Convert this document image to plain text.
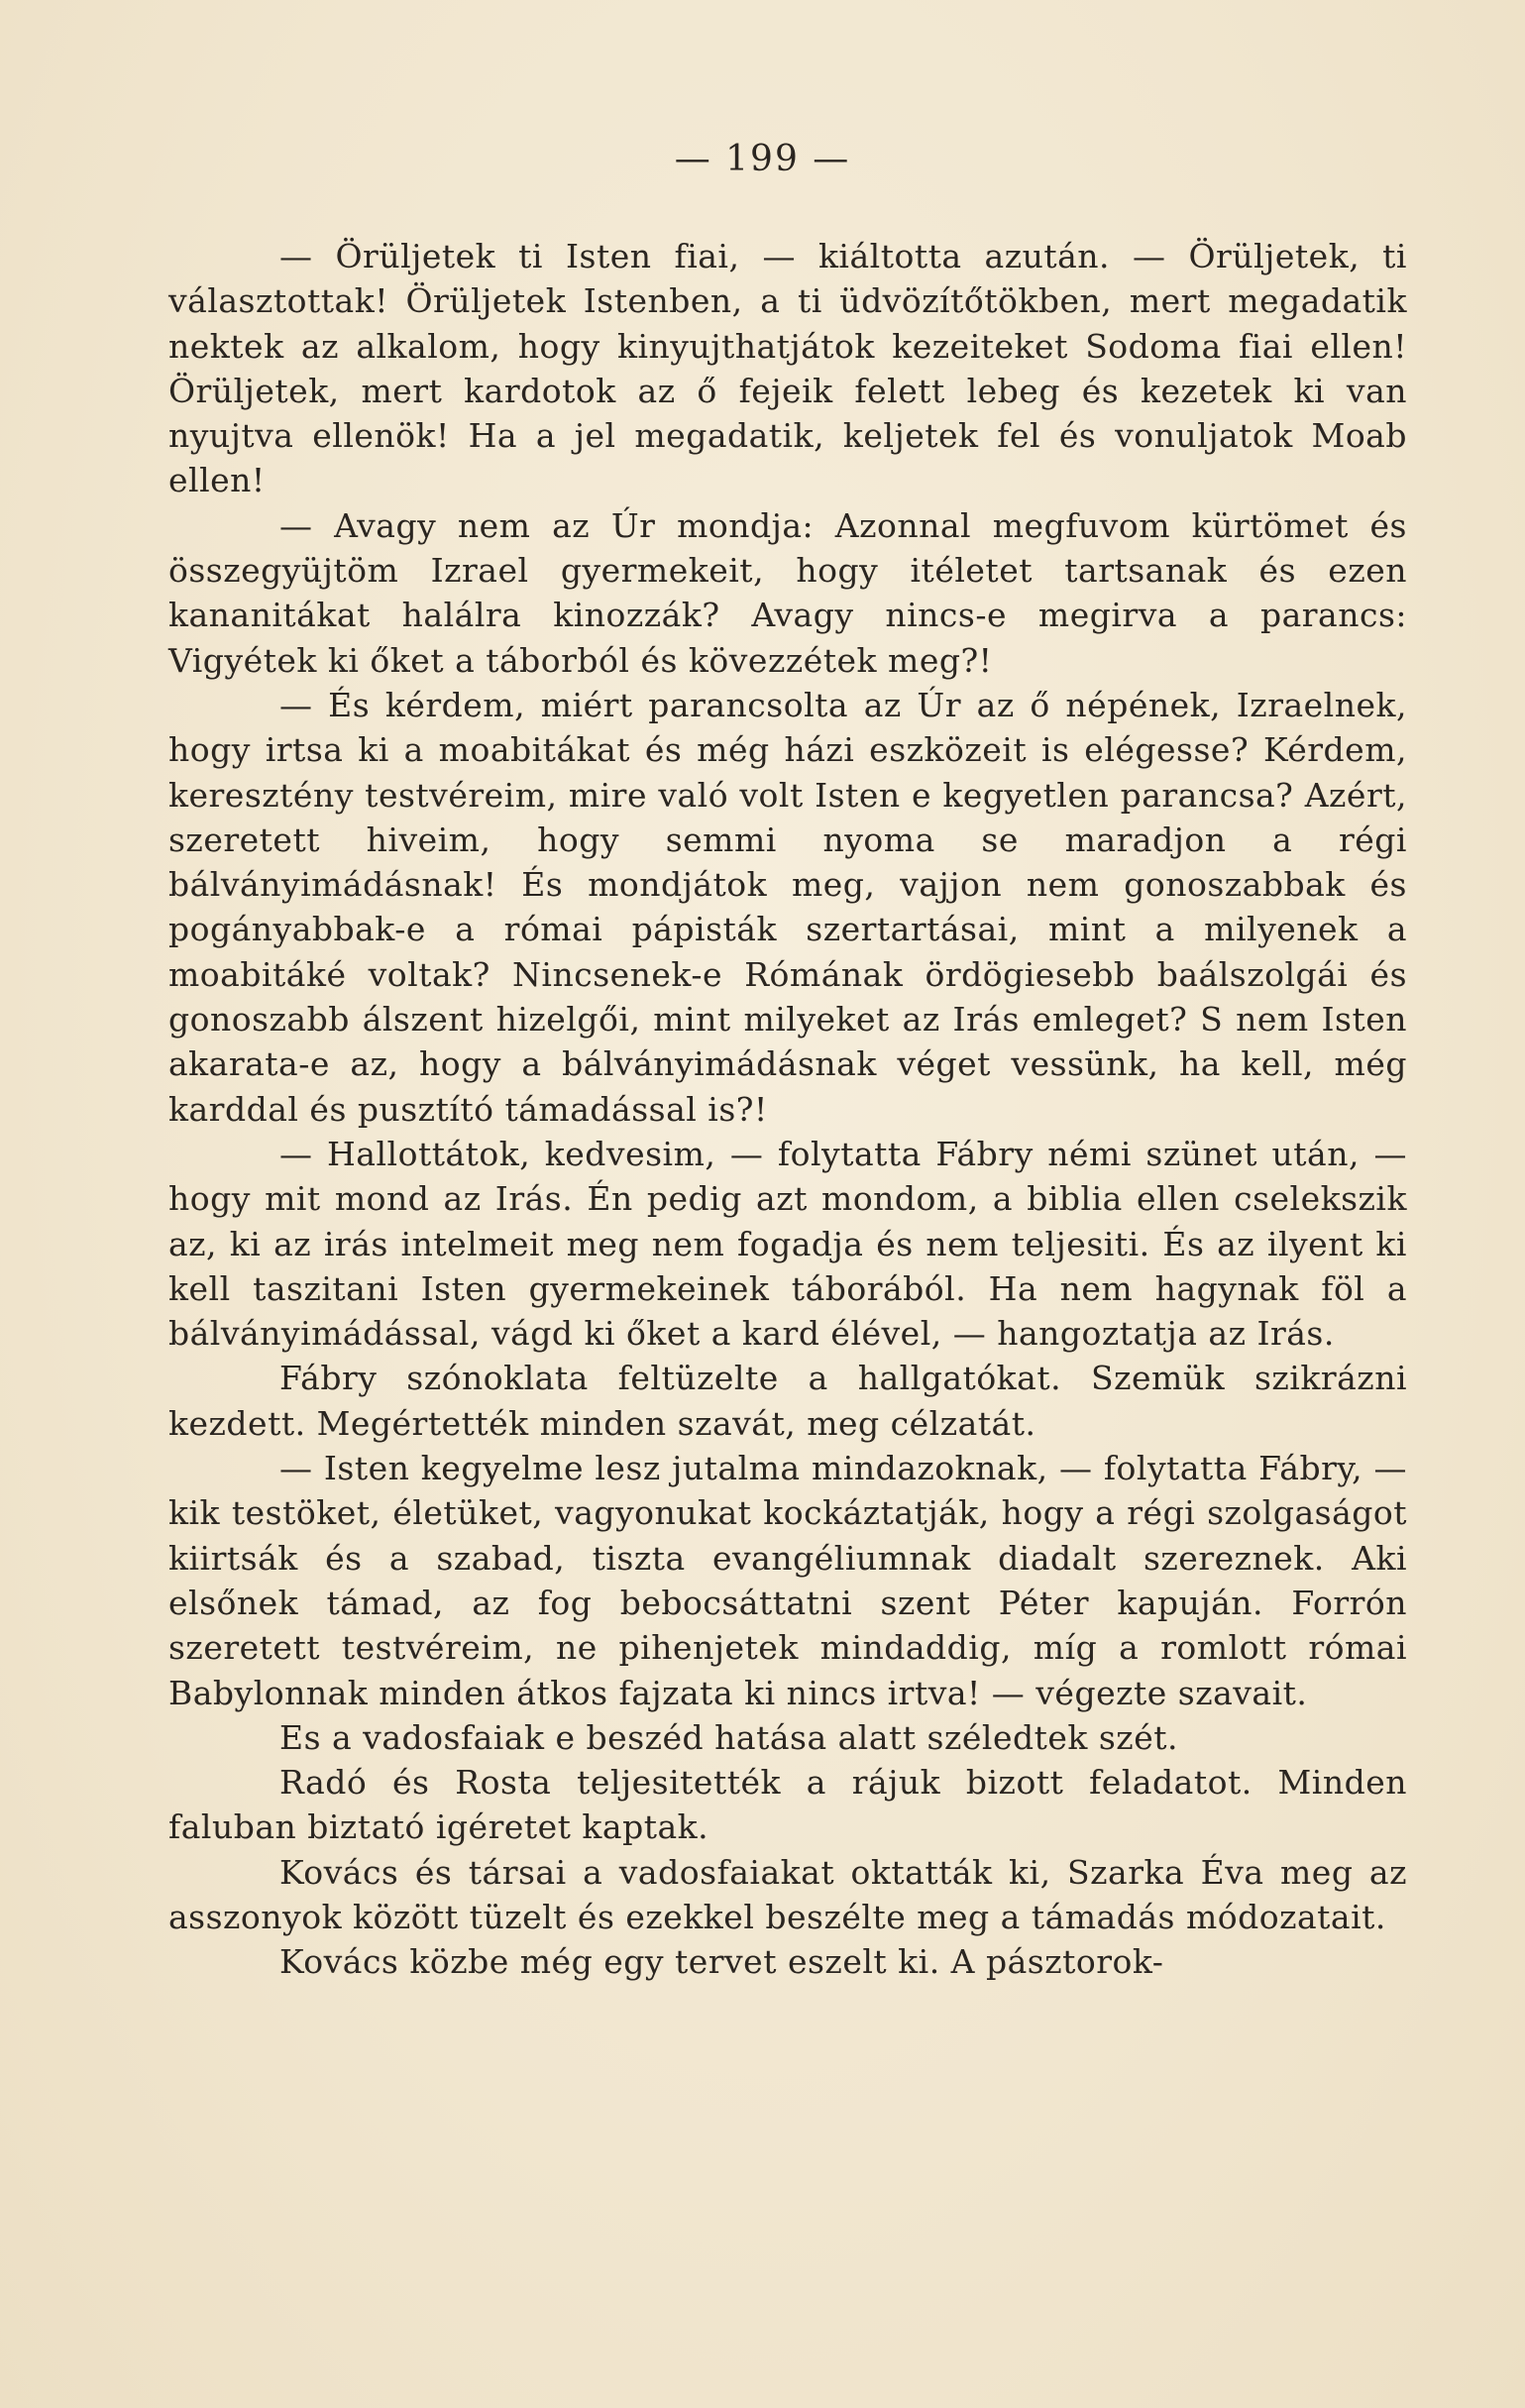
— 199 —

— Örüljetek ti Isten fiai, — kiáltotta azután. — Örüljetek, ti választottak! Örüljetek Istenben, a ti üdvözítőtökben, mert megadatik nektek az alkalom, hogy kinyujthatjátok kezeiteket Sodoma fiai ellen! Örüljetek, mert kardotok az ő fejeik felett lebeg és kezetek ki van nyujtva ellenök! Ha a jel megadatik, keljetek fel és vonuljatok Moab ellen!

— Avagy nem az Úr mondja: Azonnal megfuvom kürtömet és összegyüjtöm Izrael gyermekeit, hogy itéletet tartsanak és ezen kananitákat halálra kinozzák? Avagy nincs-e megirva a parancs: Vigyétek ki őket a táborból és kövezzétek meg?!

— És kérdem, miért parancsolta az Úr az ő népének, Izraelnek, hogy irtsa ki a moabitákat és még házi eszközeit is elégesse? Kérdem, keresztény testvéreim, mire való volt Isten e kegyetlen parancsa? Azért, szeretett hiveim, hogy semmi nyoma se maradjon a régi bálványimádásnak! És mondjátok meg, vajjon nem gonoszabbak és pogányabbak-e a római pápisták szertartásai, mint a milyenek a moabitáké voltak? Nincsenek-e Rómának ördögiesebb baálszolgái és gonoszabb álszent hizelgői, mint milyeket az Irás emleget? S nem Isten akarata-e az, hogy a bálványimádásnak véget vessünk, ha kell, még karddal és pusztító támadással is?!

— Hallottátok, kedvesim, — folytatta Fábry némi szünet után, — hogy mit mond az Irás. Én pedig azt mondom, a biblia ellen cselekszik az, ki az irás intelmeit meg nem fogadja és nem teljesiti. És az ilyent ki kell taszitani Isten gyermekeinek táborából. Ha nem hagynak föl a bálványimádással, vágd ki őket a kard élével, — hangoztatja az Irás.

Fábry szónoklata feltüzelte a hallgatókat. Szemük szikrázni kezdett. Megértették minden szavát, meg célzatát.

— Isten kegyelme lesz jutalma mindazoknak, — folytatta Fábry, — kik testöket, életüket, vagyonukat kockáztatják, hogy a régi szolgaságot kiirtsák és a szabad, tiszta evangéliumnak diadalt szereznek. Aki elsőnek támad, az fog bebocsáttatni szent Péter kapuján. Forrón szeretett testvéreim, ne pihenjetek mindaddig, míg a romlott római Babylonnak minden átkos fajzata ki nincs irtva! — végezte szavait.

Es a vadosfaiak e beszéd hatása alatt széledtek szét.

Radó és Rosta teljesitették a rájuk bizott feladatot. Minden faluban biztató igéretet kaptak.

Kovács és társai a vadosfaiakat oktatták ki, Szarka Éva meg az asszonyok között tüzelt és ezekkel beszélte meg a támadás módozatait.

Kovács közbe még egy tervet eszelt ki. A pásztorok-
